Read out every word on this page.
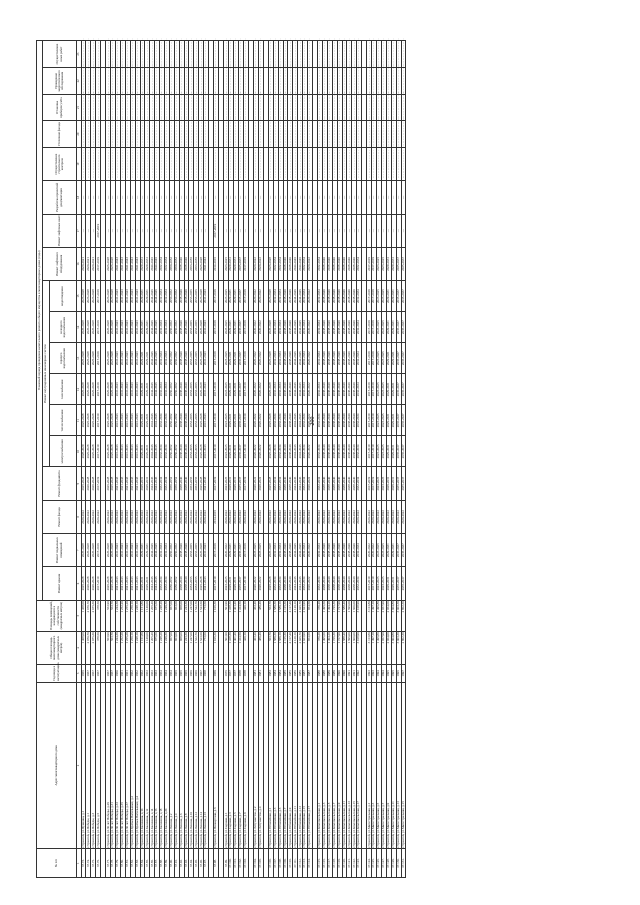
200
№ п/п	Адрес многоквартирного дома	Год ввода в эксплуатацию	Общая площадь многоквартирного дома (квадратных метров)	Площадь помещений, находящихся в собственности (квадратных метров)	Плановый период проведения капитального ремонта общего имущества в многоквартирных домах (годы)																	
					Ремонт крыши	Ремонт подвальных помещений	Ремонт фасада	Ремонт фундамента	Ремонт внутридомовых инженерных систем						Ремонт лифтового оборудования	Ремонт лифтовых шахт	Разработка проектной документации	Осуществление строительного контроля	Утепление фасада	Установка приборов учёта	Проведение энергетического обследования	Осуществление иных работ
									электроснабжения	теплоснабжения	газоснабжения	горячего водоснабжения	холодного водоснабжения	водоотведения								
1	2	3	4	5	6	7	8	9	10	11	12	13	14	15	16	17	18	19	20	21	22	23
37.73.	г.Уренгой, ул.Пушкина, д.1	1956	1 468,00	1 468,00	2026-2028	2026-2028	2020-2022	2026-2028	2028-2029	2026-2028	2026-2028	2026-2028	2026-2028	2026-2028	2020-2021	—	—	. . . . . . . . . . . . . . . . . .	. . . . . . . . . . . . . . . . . .	. . . . . . . . . . . . . . . . . .	. . . . . . . . . . . . . . . . . .	. . . . . . . . . . . . . . . . . .
37.74.	г.Уренгой, ул.Победы, д.1	1957	2 070,70	2 070,70	2020-2028	2026-2028	2020-2022	2020-2028	2026-2028	2026-2028	2026-2028	2026-2028	2026-2028	2026-2028	2020-2021	—	—	. . . . . . . . . . . . . . . . . .	. . . . . . . . . . . . . . . . . .	. . . . . . . . . . . . . . . . . .	. . . . . . . . . . . . . . . . . .	. . . . . . . . . . . . . . . . . .
37.75.	г.Уренгой, ул.Победы, д.3	1957	2 075,30	2 075,30	2020-2028	2026-2028	2020-2022	2020-2028	2026-2028	2026-2028	2026-2028	2026-2028	2026-2028	2026-2028	2020-2021	—	—	. . . . . . . . . . . . . . . . . .	. . . . . . . . . . . . . . . . . .	. . . . . . . . . . . . . . . . . .	. . . . . . . . . . . . . . . . . .	. . . . . . . . . . . . . . . . . .
37.76.	г.Уренгой, ул.Победы, д.5	1957	378,50	378,50	2017-2019	2017-2019	2020-2022	2017-2019	2017-2019	2017-2019	2017-2019	2017-2019	2017-2019	2017-2019	2017-2019	2017-2019	—	. . . . . . . . . . . . . . . . . .	. . . . . . . . . . . . . . . . . .	. . . . . . . . . . . . . . . . . .	. . . . . . . . . . . . . . . . . .	. . . . . . . . . . . . . . . . . .

37.77.	г.Уренгой, ул.30 лет Победы, д.29	1957	563,90	563,90	2026-2028	2026-2028	2020-2022	2026-2028	2026-2028	2026-2028	2026-2028	2026-2028	2026-2028	2026-2028	2026-2028	—	—	. . . . . . . . . . . . . . . . . .	. . . . . . . . . . . . . . . . . .	. . . . . . . . . . . . . . . . . .	. . . . . . . . . . . . . . . . . .	. . . . . . . . . . . . . . . . . .
37.78.	г.Уренгой, ул.30 лет Победы, д.31	1957	563,70	563,70	2026-2028	2026-2028	2020-2022	2026-2028	2026-2028	2026-2028	2026-2028	2026-2028	2026-2028	2026-2028	2026-2028	—	—	. . . . . . . . . . . . . . . . . .	. . . . . . . . . . . . . . . . . .	. . . . . . . . . . . . . . . . . .	. . . . . . . . . . . . . . . . . .	. . . . . . . . . . . . . . . . . .
37.79.	г.Уренгой, ул.30 лет Победы, д.33	1960	1 244,30	1 244,30	2041-2043	2041-2043	2020-2022	2041-2043	2041-2043	2041-2043	2041-2043	2041-2043	2041-2043	2041-2043	2041-2043	—	—	. . . . . . . . . . . . . . . . . .	. . . . . . . . . . . . . . . . . .	. . . . . . . . . . . . . . . . . .	. . . . . . . . . . . . . . . . . .	. . . . . . . . . . . . . . . . . .
37.80.	г.Уренгой, ул.30 лет Победы, д.35	1961	1 252,20	1 252,20	2041-2043	2041-2043	2020-2022	2041-2043	2041-2043	2041-2043	2041-2043	2041-2043	2041-2043	2041-2043	2041-2043	—	—	. . . . . . . . . . . . . . . . . .	. . . . . . . . . . . . . . . . . .	. . . . . . . . . . . . . . . . . .	. . . . . . . . . . . . . . . . . .	. . . . . . . . . . . . . . . . . .
37.81.	г.Уренгой, ул.30 лет Победы, д.37	1961	1 255,20	1 255,20	2041-2043	2041-2043	2020-2022	2041-2043	2041-2043	2041-2043	2041-2043	2041-2043	2041-2043	2041-2043	2041-2043	—	—	. . . . . . . . . . . . . . . . . .	. . . . . . . . . . . . . . . . . .	. . . . . . . . . . . . . . . . . .	. . . . . . . . . . . . . . . . . .	. . . . . . . . . . . . . . . . . .
37.82.	г.Уренгой, ул.Братьев Васильевых, д.2	1962	1 250,10	1 250,10	2041-2043	2041-2043	2020-2022	2041-2043	2041-2043	2041-2043	2041-2043	2041-2043	2041-2043	2041-2043	2041-2043	—	—	. . . . . . . . . . . . . . . . . .	. . . . . . . . . . . . . . . . . .	. . . . . . . . . . . . . . . . . .	. . . . . . . . . . . . . . . . . .	. . . . . . . . . . . . . . . . . .
37.83.	г.Уренгой, ул.Братьев Васильевых, д.4	1962	1 248,10	1 248,10	2041-2043	2041-2043	2020-2022	2041-2043	2041-2043	2041-2043	2041-2043	2041-2043	2041-2043	2041-2043	2041-2043	—	—	. . . . . . . . . . . . . . . . . .	. . . . . . . . . . . . . . . . . .	. . . . . . . . . . . . . . . . . .	. . . . . . . . . . . . . . . . . .	. . . . . . . . . . . . . . . . . .
37.84.	г.Уренгой, ул.Калинина, д.10	1962	1 151,80	1 151,80	2029-2031	2029-2031	2020-2022	2029-2031	2029-2031	2029-2031	2029-2031	2029-2031	2029-2031	2029-2031	2029-2031	—	—	. . . . . . . . . . . . . . . . . .	. . . . . . . . . . . . . . . . . .	. . . . . . . . . . . . . . . . . .	. . . . . . . . . . . . . . . . . .	. . . . . . . . . . . . . . . . . .
37.85.	г.Уренгой, ул.Калинина, д.12	1963	1 140,00	1 140,00	2029-2031	2029-2031	2020-2022	2029-2031	2029-2031	2029-2031	2029-2031	2029-2031	2029-2031	2029-2031	2029-2031	—	—	. . . . . . . . . . . . . . . . . .	. . . . . . . . . . . . . . . . . .	. . . . . . . . . . . . . . . . . .	. . . . . . . . . . . . . . . . . .	. . . . . . . . . . . . . . . . . .
37.86.	г.Уренгой, ул.Калинина, д.14	1963	1 205,40	1 205,40	2044-2046	2044-2046	2020-2022	2044-2046	2044-2046	2044-2046	2044-2046	2044-2046	2044-2046	2044-2046	2044-2046	—	—	. . . . . . . . . . . . . . . . . .	. . . . . . . . . . . . . . . . . .	. . . . . . . . . . . . . . . . . .	. . . . . . . . . . . . . . . . . .	. . . . . . . . . . . . . . . . . .
37.87.	г.Уренгой, ул.Калинина, д.16	1963	975,60	975,60	2044-2046	2044-2046	2020-2022	2044-2046	2044-2046	2044-2046	2044-2046	2044-2046	2044-2046	2044-2046	2044-2046	—	—	. . . . . . . . . . . . . . . . . .	. . . . . . . . . . . . . . . . . .	. . . . . . . . . . . . . . . . . .	. . . . . . . . . . . . . . . . . .	. . . . . . . . . . . . . . . . . .
37.88.	г.Уренгой, ул.Калинина, д.18	1964	1 248,20	1 248,20	2032-2034	2032-2034	2020-2022	2032-2034	2032-2034	2032-2034	2032-2034	2032-2034	2032-2034	2032-2034	2032-2034	—	—	. . . . . . . . . . . . . . . . . .	. . . . . . . . . . . . . . . . . .	. . . . . . . . . . . . . . . . . .	. . . . . . . . . . . . . . . . . .	. . . . . . . . . . . . . . . . . .
37.89.	г.Уренгой, ул.Калинина, д.20	1964	1 249,30	1 249,30	2032-2034	2032-2034	2020-2022	2032-2034	2032-2034	2032-2034	2032-2034	2032-2034	2032-2034	2032-2034	2032-2034	—	—	. . . . . . . . . . . . . . . . . .	. . . . . . . . . . . . . . . . . .	. . . . . . . . . . . . . . . . . .	. . . . . . . . . . . . . . . . . .	. . . . . . . . . . . . . . . . . .
37.90.	г.Уренгой, ул.Ленина, д.2	1964	957,00	957,00	2050-2052	2050-2052	2020-2022	2050-2052	2050-2052	2050-2052	2050-2052	2050-2052	2050-2052	2050-2052	2050-2052	—	—	. . . . . . . . . . . . . . . . . .	. . . . . . . . . . . . . . . . . .	. . . . . . . . . . . . . . . . . .	. . . . . . . . . . . . . . . . . .	. . . . . . . . . . . . . . . . . .
37.91.	г.Уренгой, ул.Ленина, д.4	1965	963,00	963,00	2050-2052	2050-2052	2020-2022	2050-2052	2050-2052	2050-2052	2050-2052	2050-2052	2050-2052	2050-2052	2050-2052	—	—	. . . . . . . . . . . . . . . . . .	. . . . . . . . . . . . . . . . . .	. . . . . . . . . . . . . . . . . .	. . . . . . . . . . . . . . . . . .	. . . . . . . . . . . . . . . . . .
37.92.	г.Уренгой, ул.Ленина, д.6	1965	968,00	968,00	2038-2040	2038-2040	2020-2022	2038-2040	2038-2040	2038-2040	2038-2040	2038-2040	2038-2040	2038-2040	2038-2040	—	—	. . . . . . . . . . . . . . . . . .	. . . . . . . . . . . . . . . . . .	. . . . . . . . . . . . . . . . . .	. . . . . . . . . . . . . . . . . .	. . . . . . . . . . . . . . . . . .
37.93.	г.Уренгой, ул.Ленина, д.8	1965	1 243,30	1 243,30	2038-2040	2038-2040	2020-2022	2038-2040	2038-2040	2038-2040	2038-2040	2038-2040	2038-2040	2038-2040	2038-2040	—	—	. . . . . . . . . . . . . . . . . .	. . . . . . . . . . . . . . . . . .	. . . . . . . . . . . . . . . . . .	. . . . . . . . . . . . . . . . . .	. . . . . . . . . . . . . . . . . .
37.94.	г.Уренгой, ул.Ленина, д.10	1966	1 247,00	1 247,00	2053-2055	2053-2055	2020-2022	2053-2055	2053-2055	2053-2055	2053-2055	2053-2055	2053-2055	2053-2055	2053-2055	—	—	. . . . . . . . . . . . . . . . . .	. . . . . . . . . . . . . . . . . .	. . . . . . . . . . . . . . . . . .	. . . . . . . . . . . . . . . . . .	. . . . . . . . . . . . . . . . . .
37.95.	г.Уренгой, ул.Ленина, д.12	1966	1 522,70	1 522,70	2053-2055	2053-2055	2020-2022	2053-2055	2053-2055	2053-2055	2053-2055	2053-2055	2053-2055	2053-2055	2053-2055	—	—	. . . . . . . . . . . . . . . . . .	. . . . . . . . . . . . . . . . . .	. . . . . . . . . . . . . . . . . .	. . . . . . . . . . . . . . . . . .	. . . . . . . . . . . . . . . . . .
37.96.	г.Уренгой, ул.Ленина, д.14	1967	1 523,60	1 523,60	2026-2028	2026-2028	2020-2022	2026-2028	2026-2028	2026-2028	2026-2028	2026-2028	2026-2028	2026-2028	2026-2028	—	—	. . . . . . . . . . . . . . . . . .	. . . . . . . . . . . . . . . . . .	. . . . . . . . . . . . . . . . . .	. . . . . . . . . . . . . . . . . .	. . . . . . . . . . . . . . . . . .
37.97.	г.Уренгой, ул.Ленина, д.16	1968	773,60	773,60	2041-2043	2041-2043	2020-2022	2041-2043	2041-2043	2041-2043	2041-2043	2041-2043	2041-2043	2041-2043	2041-2043	—	—	. . . . . . . . . . . . . . . . . .	. . . . . . . . . . . . . . . . . .	. . . . . . . . . . . . . . . . . .	. . . . . . . . . . . . . . . . . .	. . . . . . . . . . . . . . . . . .

37.98.	г.Уренгой, ул.Пионерская, д.6	1959	1 106,30	1 106,30	2017-2019	2017-2019	2014-2016	2017-2019	2017-2019	2017-2019	2017-2019	2017-2019	2017-2019	2017-2019	2014-2016	2017-2019	—	. . . . . . . . . . . . . . . . . .	. . . . . . . . . . . . . . . . . .	. . . . . . . . . . . . . . . . . .	. . . . . . . . . . . . . . . . . .	. . . . . . . . . . . . . . . . . .

37.99.	г.Уренгой, ул.Садовая, д.1	1976	501,90	501,90	2023-2025	2020-2022	2020-2022	2023-2025	2023-2025	2023-2025	2023-2025	2023-2025	2023-2025	2023-2025	2023-2025	—	—	. . . . . . . . . . . . . . . . . .	. . . . . . . . . . . . . . . . . .	. . . . . . . . . . . . . . . . . .	. . . . . . . . . . . . . . . . . .	. . . . . . . . . . . . . . . . . .
37.100.	г.Уренгой, ул.Садовая, д.3	1977	1 418,30	1 418,30	2029-2031	2029-2031	2020-2022	2029-2031	2029-2031	2029-2031	2029-2031	2029-2031	2029-2031	2029-2031	2029-2031	—	—	. . . . . . . . . . . . . . . . . .	. . . . . . . . . . . . . . . . . .	. . . . . . . . . . . . . . . . . .	. . . . . . . . . . . . . . . . . .	. . . . . . . . . . . . . . . . . .
37.101.	г.Уренгой, ул.Садовая, д.5	1977	1 401,40	1 401,40	2029-2031	2029-2031	2020-2022	2029-2031	2029-2031	2029-2031	2029-2031	2029-2031	2029-2031	2029-2031	2029-2031	—	—	. . . . . . . . . . . . . . . . . .	. . . . . . . . . . . . . . . . . .	. . . . . . . . . . . . . . . . . .	. . . . . . . . . . . . . . . . . .	. . . . . . . . . . . . . . . . . .
37.102.	г.Уренгой, ул.Садовая, д.7	1978	1 414,50	1 414,50	2035-2037	2035-2037	2020-2022	2035-2037	2035-2037	2035-2037	2035-2037	2035-2037	2035-2037	2035-2037	2035-2037	—	—	. . . . . . . . . . . . . . . . . .	. . . . . . . . . . . . . . . . . .	. . . . . . . . . . . . . . . . . .	. . . . . . . . . . . . . . . . . .	. . . . . . . . . . . . . . . . . .
37.103.	г.Уренгой, ул.Садовая, д.9	1978	420,10	420,10	2017-2019	2017-2019	2020-2022	2017-2019	2017-2019	2017-2019	2017-2019	2017-2019	2017-2019	2017-2019	2017-2019	—	—	. . . . . . . . . . . . . . . . . .	. . . . . . . . . . . . . . . . . .	. . . . . . . . . . . . . . . . . .	. . . . . . . . . . . . . . . . . .	. . . . . . . . . . . . . . . . . .

37.104.	г.Уренгой, ул.Энтузиастов, д.2	1981	463,40	463,40	2020-2022	2023-2025	2020-2022	2020-2022	2020-2022	2020-2022	2020-2022	2020-2022	2020-2022	2020-2022	2020-2022	—	—	. . . . . . . . . . . . . . . . . .	. . . . . . . . . . . . . . . . . .	. . . . . . . . . . . . . . . . . .	. . . . . . . . . . . . . . . . . .	. . . . . . . . . . . . . . . . . .
37.105.	г.Уренгой, ул.Энтузиастов, д.4	1981	480,40	480,40	2020-2022	2023-2025	2020-2022	2020-2022	2020-2022	2020-2022	2020-2022	2020-2022	2020-2022	2020-2022	2020-2022	—	—	. . . . . . . . . . . . . . . . . .	. . . . . . . . . . . . . . . . . .	. . . . . . . . . . . . . . . . . .	. . . . . . . . . . . . . . . . . .	. . . . . . . . . . . . . . . . . .

37.106.	г.Уренгой, ул.Юбилейная, д.1	1983	563,70	563,70	2026-2028	2026-2028	2020-2022	2026-2028	2026-2028	2026-2028	2026-2028	2026-2028	2026-2028	2026-2028	2026-2028	—	—	. . . . . . . . . . . . . . . . . .	. . . . . . . . . . . . . . . . . .	. . . . . . . . . . . . . . . . . .	. . . . . . . . . . . . . . . . . .	. . . . . . . . . . . . . . . . . .
37.107.	г.Уренгой, ул.Юбилейная, д.3	1984	1 589,30	1 589,30	2032-2034	2032-2034	2020-2022	2032-2034	2032-2034	2032-2034	2032-2034	2032-2034	2032-2034	2032-2034	2032-2034	—	—	. . . . . . . . . . . . . . . . . .	. . . . . . . . . . . . . . . . . .	. . . . . . . . . . . . . . . . . .	. . . . . . . . . . . . . . . . . .	. . . . . . . . . . . . . . . . . .
37.108.	г.Уренгой, ул.Юбилейная, д.5	1984	1 589,10	1 589,10	2032-2034	2032-2034	2020-2022	2032-2034	2032-2034	2032-2034	2032-2034	2032-2034	2032-2034	2032-2034	2032-2034	—	—	. . . . . . . . . . . . . . . . . .	. . . . . . . . . . . . . . . . . .	. . . . . . . . . . . . . . . . . .	. . . . . . . . . . . . . . . . . .	. . . . . . . . . . . . . . . . . .
37.109.	г.Уренгой, ул.Юбилейная, д.7	1985	4 115,30	4 115,30	2038-2040	2038-2040	2020-2022	2038-2040	2038-2040	2038-2040	2038-2040	2038-2040	2038-2040	2038-2040	2038-2040	—	—	. . . . . . . . . . . . . . . . . .	. . . . . . . . . . . . . . . . . .	. . . . . . . . . . . . . . . . . .	. . . . . . . . . . . . . . . . . .	. . . . . . . . . . . . . . . . . .
37.110.	г.Уренгой, ул.Юбилейная, д.9	1985	4 117,40	4 117,40	2038-2040	2038-2040	2020-2022	2038-2040	2038-2040	2038-2040	2038-2040	2038-2040	2038-2040	2038-2040	2038-2040	—	—	. . . . . . . . . . . . . . . . . .	. . . . . . . . . . . . . . . . . .	. . . . . . . . . . . . . . . . . .	. . . . . . . . . . . . . . . . . .	. . . . . . . . . . . . . . . . . .
37.111.	г.Уренгой, ул.Юбилейная, д.11	1986	4 120,10	4 120,10	2044-2046	2044-2046	2020-2022	2044-2046	2044-2046	2044-2046	2044-2046	2044-2046	2044-2046	2044-2046	2044-2046	—	—	. . . . . . . . . . . . . . . . . .	. . . . . . . . . . . . . . . . . .	. . . . . . . . . . . . . . . . . .	. . . . . . . . . . . . . . . . . .	. . . . . . . . . . . . . . . . . .
37.112.	г.Уренгой, ул.Юбилейная, д.13	1986	2 026,70	2 026,70	2044-2046	2044-2046	2020-2022	2044-2046	2044-2046	2044-2046	2044-2046	2044-2046	2044-2046	2044-2046	2044-2046	—	—	. . . . . . . . . . . . . . . . . .	. . . . . . . . . . . . . . . . . .	. . . . . . . . . . . . . . . . . .	. . . . . . . . . . . . . . . . . .	. . . . . . . . . . . . . . . . . .
37.113.	г.Уренгой, ул.Юбилейная, д.15	1987	2 023,90	2 023,90	2032-2034	2032-2034	2020-2022	2032-2034	2032-2034	2032-2034	2032-2034	2032-2034	2032-2034	2032-2034	2032-2034	—	—	. . . . . . . . . . . . . . . . . .	. . . . . . . . . . . . . . . . . .	. . . . . . . . . . . . . . . . . .	. . . . . . . . . . . . . . . . . .	. . . . . . . . . . . . . . . . . .
37.114.	г.Уренгой, ул.Юбилейная, д.17	1987	954,60	954,60	2020-2022	2020-2022	2020-2022	2020-2022	2020-2022	2020-2022	2020-2022	2020-2022	2020-2022	2020-2022	2020-2022	—	—	. . . . . . . . . . . . . . . . . .	. . . . . . . . . . . . . . . . . .	. . . . . . . . . . . . . . . . . .	. . . . . . . . . . . . . . . . . .	. . . . . . . . . . . . . . . . . .

37.115.	г.Уренгой, ул.Комсомольская, д.1	1988	370,20	370,20	2032-2034	2032-2034	2020-2022	2032-2034	2032-2034	2032-2034	2032-2034	2032-2034	2032-2034	2032-2034	2032-2034	—	—	. . . . . . . . . . . . . . . . . .	. . . . . . . . . . . . . . . . . .	. . . . . . . . . . . . . . . . . .	. . . . . . . . . . . . . . . . . .	. . . . . . . . . . . . . . . . . .
37.116.	г.Уренгой, ул.Комсомольская, д.3	1988	1 495,60	1 495,60	2038-2040	2038-2040	2020-2022	2038-2040	2038-2040	2038-2040	2038-2040	2038-2040	2038-2040	2038-2040	2038-2040	—	—	. . . . . . . . . . . . . . . . . .	. . . . . . . . . . . . . . . . . .	. . . . . . . . . . . . . . . . . .	. . . . . . . . . . . . . . . . . .	. . . . . . . . . . . . . . . . . .
37.117.	г.Уренгой, ул.Комсомольская, д.5	1989	1 494,20	1 494,20	2038-2040	2038-2040	2020-2022	2038-2040	2038-2040	2038-2040	2038-2040	2038-2040	2038-2040	2038-2040	2038-2040	—	—	. . . . . . . . . . . . . . . . . .	. . . . . . . . . . . . . . . . . .	. . . . . . . . . . . . . . . . . .	. . . . . . . . . . . . . . . . . .	. . . . . . . . . . . . . . . . . .
37.118.	г.Уренгой, ул.Комсомольская, д.7	1989	1 726,30	1 726,30	2038-2040	2038-2040	2020-2022	2038-2040	2038-2040	2038-2040	2038-2040	2038-2040	2038-2040	2038-2040	2038-2040	—	—	. . . . . . . . . . . . . . . . . .	. . . . . . . . . . . . . . . . . .	. . . . . . . . . . . . . . . . . .	. . . . . . . . . . . . . . . . . .	. . . . . . . . . . . . . . . . . .
37.119.	г.Уренгой, ул.Комсомольская, д.9	1990	1 727,90	1 727,90	2038-2040	2038-2040	2020-2022	2038-2040	2038-2040	2038-2040	2038-2040	2038-2040	2038-2040	2038-2040	2038-2040	—	—	. . . . . . . . . . . . . . . . . .	. . . . . . . . . . . . . . . . . .	. . . . . . . . . . . . . . . . . .	. . . . . . . . . . . . . . . . . .	. . . . . . . . . . . . . . . . . .
37.120.	г.Уренгой, ул.Комсомольская, д.11	1990	1 588,40	1 588,40	2038-2040	2038-2040	2020-2022	2038-2040	2038-2040	2038-2040	2038-2040	2038-2040	2038-2040	2038-2040	2038-2040	—	—	. . . . . . . . . . . . . . . . . .	. . . . . . . . . . . . . . . . . .	. . . . . . . . . . . . . . . . . .	. . . . . . . . . . . . . . . . . .	. . . . . . . . . . . . . . . . . .
37.121.	г.Уренгой, ул.Комсомольская, д.13	1991	1 596,00	1 596,00	2038-2040	2038-2040	2020-2022	2038-2040	2038-2040	2038-2040	2038-2040	2038-2040	2038-2040	2038-2040	2038-2040	—	—	. . . . . . . . . . . . . . . . . .	. . . . . . . . . . . . . . . . . .	. . . . . . . . . . . . . . . . . .	. . . . . . . . . . . . . . . . . .	. . . . . . . . . . . . . . . . . .
37.122.	г.Уренгой, ул.Комсомольская, д.15	1991	1 600,00	1 600,00	2038-2040	2038-2040	2020-2022	2038-2040	2038-2040	2038-2040	2038-2040	2038-2040	2038-2040	2038-2040	2038-2040	—	—	. . . . . . . . . . . . . . . . . .	. . . . . . . . . . . . . . . . . .	. . . . . . . . . . . . . . . . . .	. . . . . . . . . . . . . . . . . .	. . . . . . . . . . . . . . . . . .
37.123.	г.Уренгой, ул.Комсомольская, д.17	1992	3 108,90	3 108,90	2032-2034	2032-2034	2020-2022	2032-2034	2032-2034	2032-2034	2032-2034	2032-2034	2032-2034	2032-2034	2032-2034	—	—	. . . . . . . . . . . . . . . . . .	. . . . . . . . . . . . . . . . . .	. . . . . . . . . . . . . . . . . .	. . . . . . . . . . . . . . . . . .	. . . . . . . . . . . . . . . . . .

37.124.	г.Уренгой, ул.Магистральная, д.1	1993	3 113,80	3 113,80	2017-2019	2020-2022	2020-2022	2017-2019	2017-2019	2017-2019	2017-2019	2017-2019	2017-2019	2017-2019	2017-2019	—	—	. . . . . . . . . . . . . . . . . .	. . . . . . . . . . . . . . . . . .	. . . . . . . . . . . . . . . . . .	. . . . . . . . . . . . . . . . . .	. . . . . . . . . . . . . . . . . .
37.125.	г.Уренгой, ул.Магистральная, д.3	1993	1 497,10	1 497,10	2017-2019	2020-2022	2020-2022	2017-2019	2017-2019	2017-2019	2017-2019	2017-2019	2017-2019	2017-2019	2017-2019	—	—	. . . . . . . . . . . . . . . . . .	. . . . . . . . . . . . . . . . . .	. . . . . . . . . . . . . . . . . .	. . . . . . . . . . . . . . . . . .	. . . . . . . . . . . . . . . . . .
37.126.	г.Уренгой, ул.Магистральная, д.5	1994	1 496,80	1 496,80	2023-2025	2023-2025	2020-2022	2023-2025	2023-2025	2023-2025	2023-2025	2023-2025	2023-2025	2023-2025	2023-2025	—	—	. . . . . . . . . . . . . . . . . .	. . . . . . . . . . . . . . . . . .	. . . . . . . . . . . . . . . . . .	. . . . . . . . . . . . . . . . . .	. . . . . . . . . . . . . . . . . .
37.127.	г.Уренгой, ул.Магистральная, д.7	1994	2 057,90	2 057,90	2023-2025	2023-2025	2020-2022	2023-2025	2023-2025	2023-2025	2023-2025	2023-2025	2023-2025	2023-2025	2023-2025	—	—	. . . . . . . . . . . . . . . . . .	. . . . . . . . . . . . . . . . . .	. . . . . . . . . . . . . . . . . .	. . . . . . . . . . . . . . . . . .	. . . . . . . . . . . . . . . . . .
37.128.	г.Уренгой, ул.Магистральная, д.9	1995	2 064,00	2 064,00	2029-2031	2029-2031	2020-2022	2029-2031	2029-2031	2029-2031	2029-2031	2029-2031	2029-2031	2029-2031	2029-2031	—	—	. . . . . . . . . . . . . . . . . .	. . . . . . . . . . . . . . . . . .	. . . . . . . . . . . . . . . . . .	. . . . . . . . . . . . . . . . . .	. . . . . . . . . . . . . . . . . .
37.129.	г.Уренгой, ул.Магистральная, д.11	1995	3 004,80	3 004,80	2029-2031	2029-2031	2020-2022	2029-2031	2029-2031	2029-2031	2029-2031	2029-2031	2029-2031	2029-2031	2029-2031	—	—	. . . . . . . . . . . . . . . . . .	. . . . . . . . . . . . . . . . . .	. . . . . . . . . . . . . . . . . .	. . . . . . . . . . . . . . . . . .	. . . . . . . . . . . . . . . . . .
37.130.	г.Уренгой, ул.Магистральная, д.13	1996	3 003,30	3 003,30	2035-2037	2035-2037	2020-2022	2035-2037	2035-2037	2035-2037	2035-2037	2035-2037	2035-2037	2035-2037	2035-2037	—	—	. . . . . . . . . . . . . . . . . .	. . . . . . . . . . . . . . . . . .	. . . . . . . . . . . . . . . . . .	. . . . . . . . . . . . . . . . . .	. . . . . . . . . . . . . . . . . .
37.131.	г.Уренгой, ул.Магистральная, д.15	1997	2 802,30	2 802,30	2035-2037	2035-2037	2020-2022	2035-2037	2035-2037	2035-2037	2035-2037	2035-2037	2035-2037	2035-2037	2035-2037	—	—	. . . . . . . . . . . . . . . . . .	. . . . . . . . . . . . . . . . . .	. . . . . . . . . . . . . . . . . .	. . . . . . . . . . . . . . . . . .	. . . . . . . . . . . . . . . . . .
